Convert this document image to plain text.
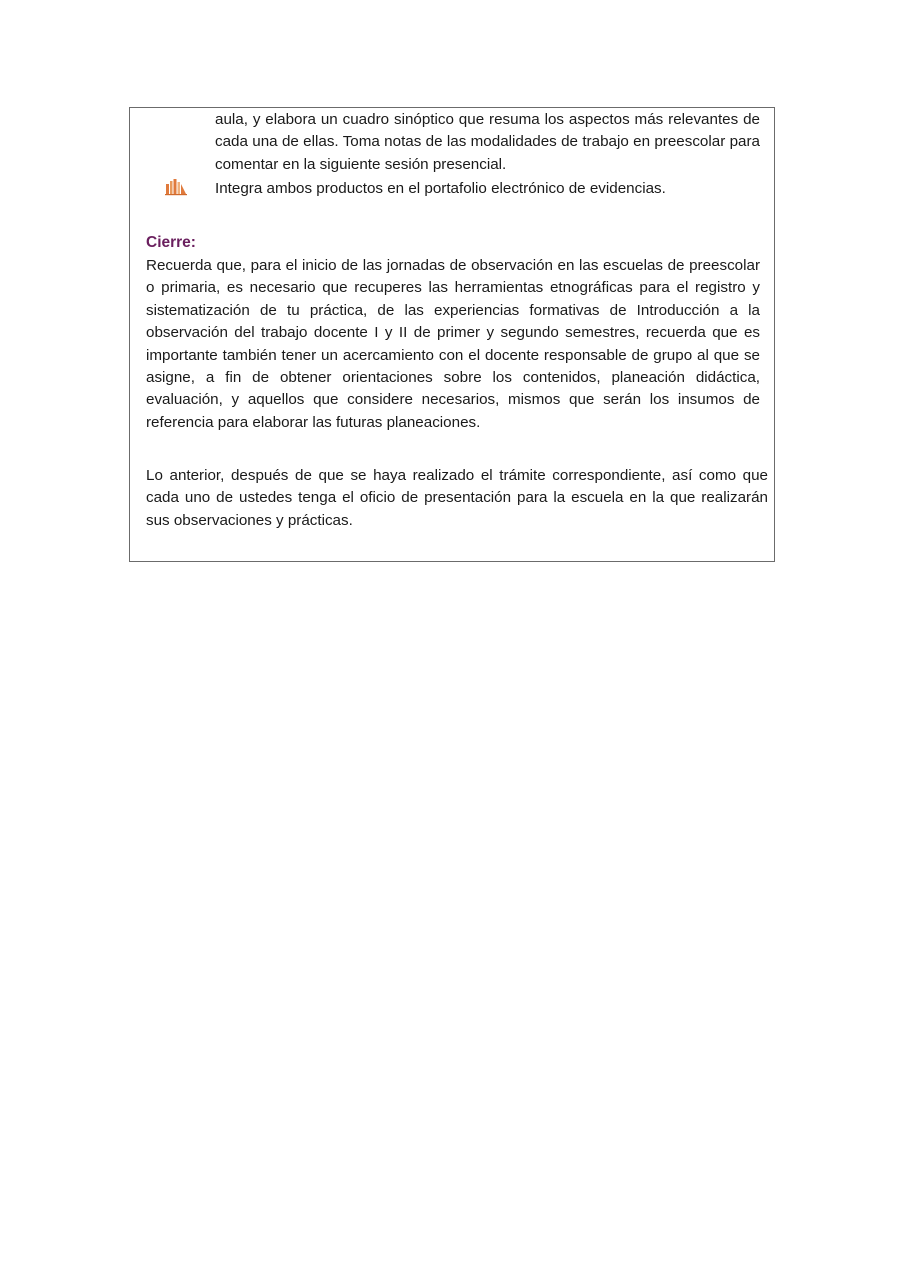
aula, y elabora un cuadro sinóptico que resuma los aspectos más relevantes de cada una de ellas. Toma notas de las modalidades de trabajo en preescolar para comentar en la siguiente sesión presencial.

Integra ambos productos en el portafolio electrónico de evidencias.

Cierre:

Recuerda que, para el inicio de las jornadas de observación en las escuelas de preescolar o primaria, es necesario que recuperes las herramientas etnográficas para el registro y sistematización de tu práctica, de las experiencias formativas de Introducción a la observación del trabajo docente I y II de primer y segundo semestres, recuerda que es importante también tener un acercamiento con el docente responsable de grupo al que se asigne, a fin de obtener orientaciones sobre los contenidos, planeación didáctica, evaluación, y aquellos que considere necesarios, mismos que serán los insumos de referencia para elaborar las futuras planeaciones.

Lo anterior, después de que se haya realizado el trámite correspondiente, así como que cada uno de ustedes tenga el oficio de presentación para la escuela en la que realizarán sus observaciones y prácticas.
